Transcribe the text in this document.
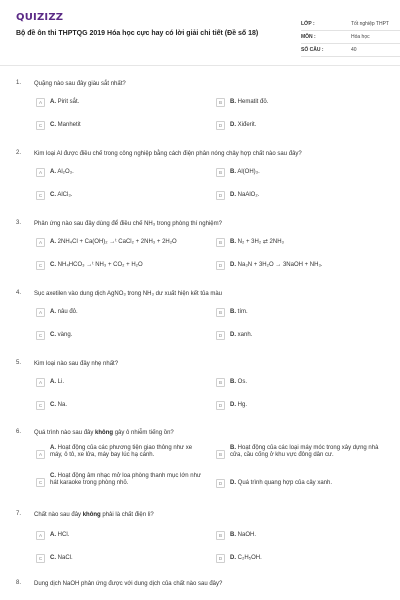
QUIZIZZ
Bộ đề ôn thi THPTQG 2019 Hóa học cực hay có lời giải chi tiết (Đề số 18)
LỚP :	Tốt nghiệp THPT
MÔN :	Hóa học
SỐ CÂU :	40
1. Quặng nào sau đây giàu sắt nhất?
A	A. Pirit sắt.	B	B. Hematit đỏ.
C	C. Manhetit	D	D. Xiđerit.
2. Kim loại Al được điều chế trong công nghiệp bằng cách điện phân nóng chảy hợp chất nào sau đây?
A	A. Al₂O₃.	B	B. Al(OH)₃.
C	C. AlCl₃.	D	D. NaAlO₂.
3. Phản ứng nào sau đây dùng để điều chế NH₃ trong phòng thí nghiệm?
A	A. 2NH₄Cl + Ca(OH)₂ →ᵗ CaCl₂ + 2NH₃ + 2H₂O	B	B. N₂ + 3H₂ ⇄ 2NH₃
C	C. NH₄HCO₃ →ᵗ NH₃ + CO₂ + H₂O	D	D. Na₃N + 3H₂O → 3NaOH + NH₃.
4. Sục axetilen vào dung dịch AgNO₃ trong NH₃ dư xuất hiện kết tủa màu
A	A. nâu đỏ.	B	B. tím.
C	C. vàng.	D	D. xanh.
5. Kim loại nào sau đây nhẹ nhất?
A	A. Li.	B	B. Os.
C	C. Na.	D	D. Hg.
6. Quá trình nào sau đây không gây ô nhiễm tiếng ồn?
A
A. Hoạt động của các phương tiện giao thông như xe máy, ô tô, xe lửa, máy bay lúc hạ cánh.	B
B. Hoạt động của các loại máy móc trong xây dựng nhà cửa, cầu cống ở khu vực đông dân cư.
C
C. Hoạt động âm nhạc mở loa phòng thanh mục lớn như hát karaoke trong phòng nhỏ.	D	D. Quá trình quang hợp của cây xanh.
7. Chất nào sau đây không phải là chất điện li?
A	A. HCl.	B	B. NaOH.
C	C. NaCl.	D	D. C₂H₅OH.
8. Dung dịch NaOH phản ứng được với dung dịch của chất nào sau đây?
